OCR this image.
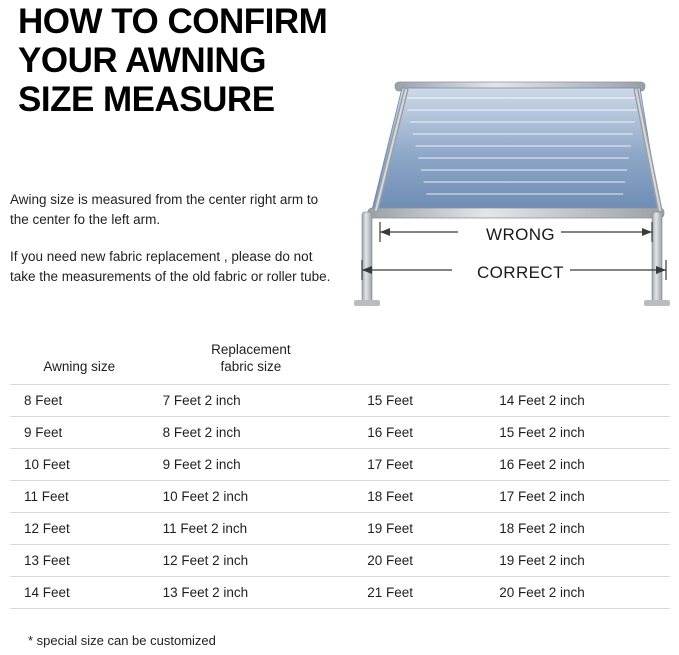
HOW TO CONFIRM
YOUR AWNING
SIZE MEASURE

Awing size is measured from the center right arm to the center fo the left arm.

If you need new fabric replacement , please do not take the measurements of the old fabric or roller tube.

WRONG
CORRECT
Awning size	Replacement
fabric size		
8 Feet	7 Feet 2 inch	15 Feet	14 Feet 2 inch
9 Feet	8 Feet 2 inch	16 Feet	15 Feet 2 inch
10 Feet	9 Feet 2 inch	17 Feet	16 Feet 2 inch
11 Feet	10 Feet 2 inch	18 Feet	17 Feet 2 inch
12 Feet	11 Feet 2 inch	19 Feet	18 Feet 2 inch
13 Feet	12 Feet 2 inch	20 Feet	19 Feet 2 inch
14 Feet	13 Feet 2 inch	21 Feet	20 Feet 2 inch
* special size can be customized
